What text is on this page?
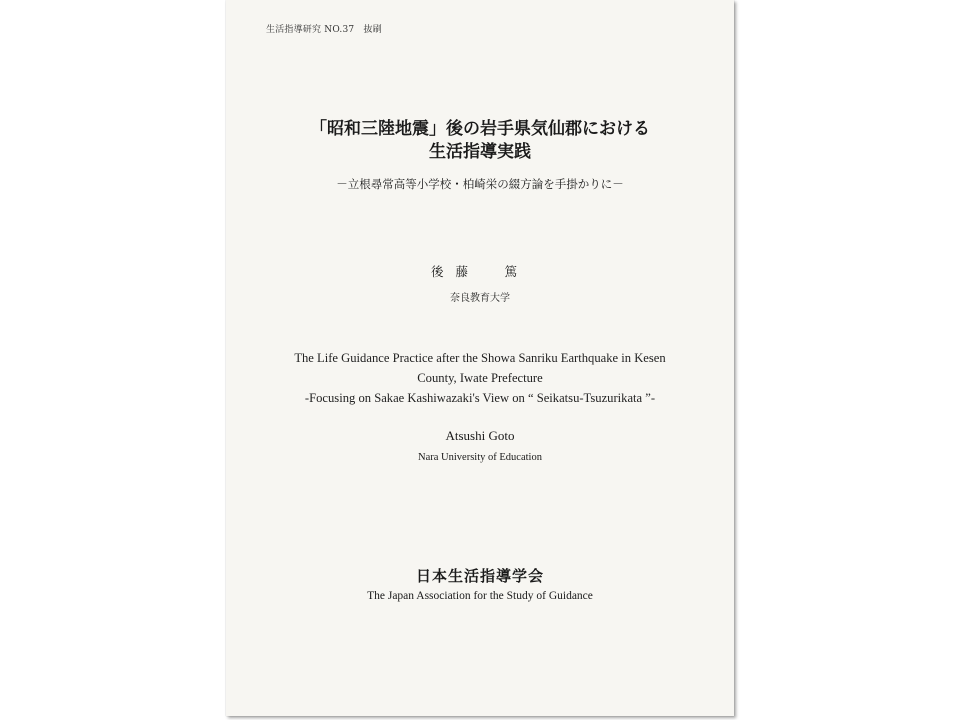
生活指導研究 NO.37　抜刷
「昭和三陸地震」後の岩手県気仙郡における
生活指導実践
－立根尋常高等小学校・柏崎栄の綴方論を手掛かりに－
後藤　篤
奈良教育大学
The Life Guidance Practice after the Showa Sanriku Earthquake in Kesen
County, Iwate Prefecture
-Focusing on Sakae Kashiwazaki's View on “ Seikatsu-Tsuzurikata ”-
Atsushi Goto
Nara University of Education
日本生活指導学会
The Japan Association for the Study of Guidance
